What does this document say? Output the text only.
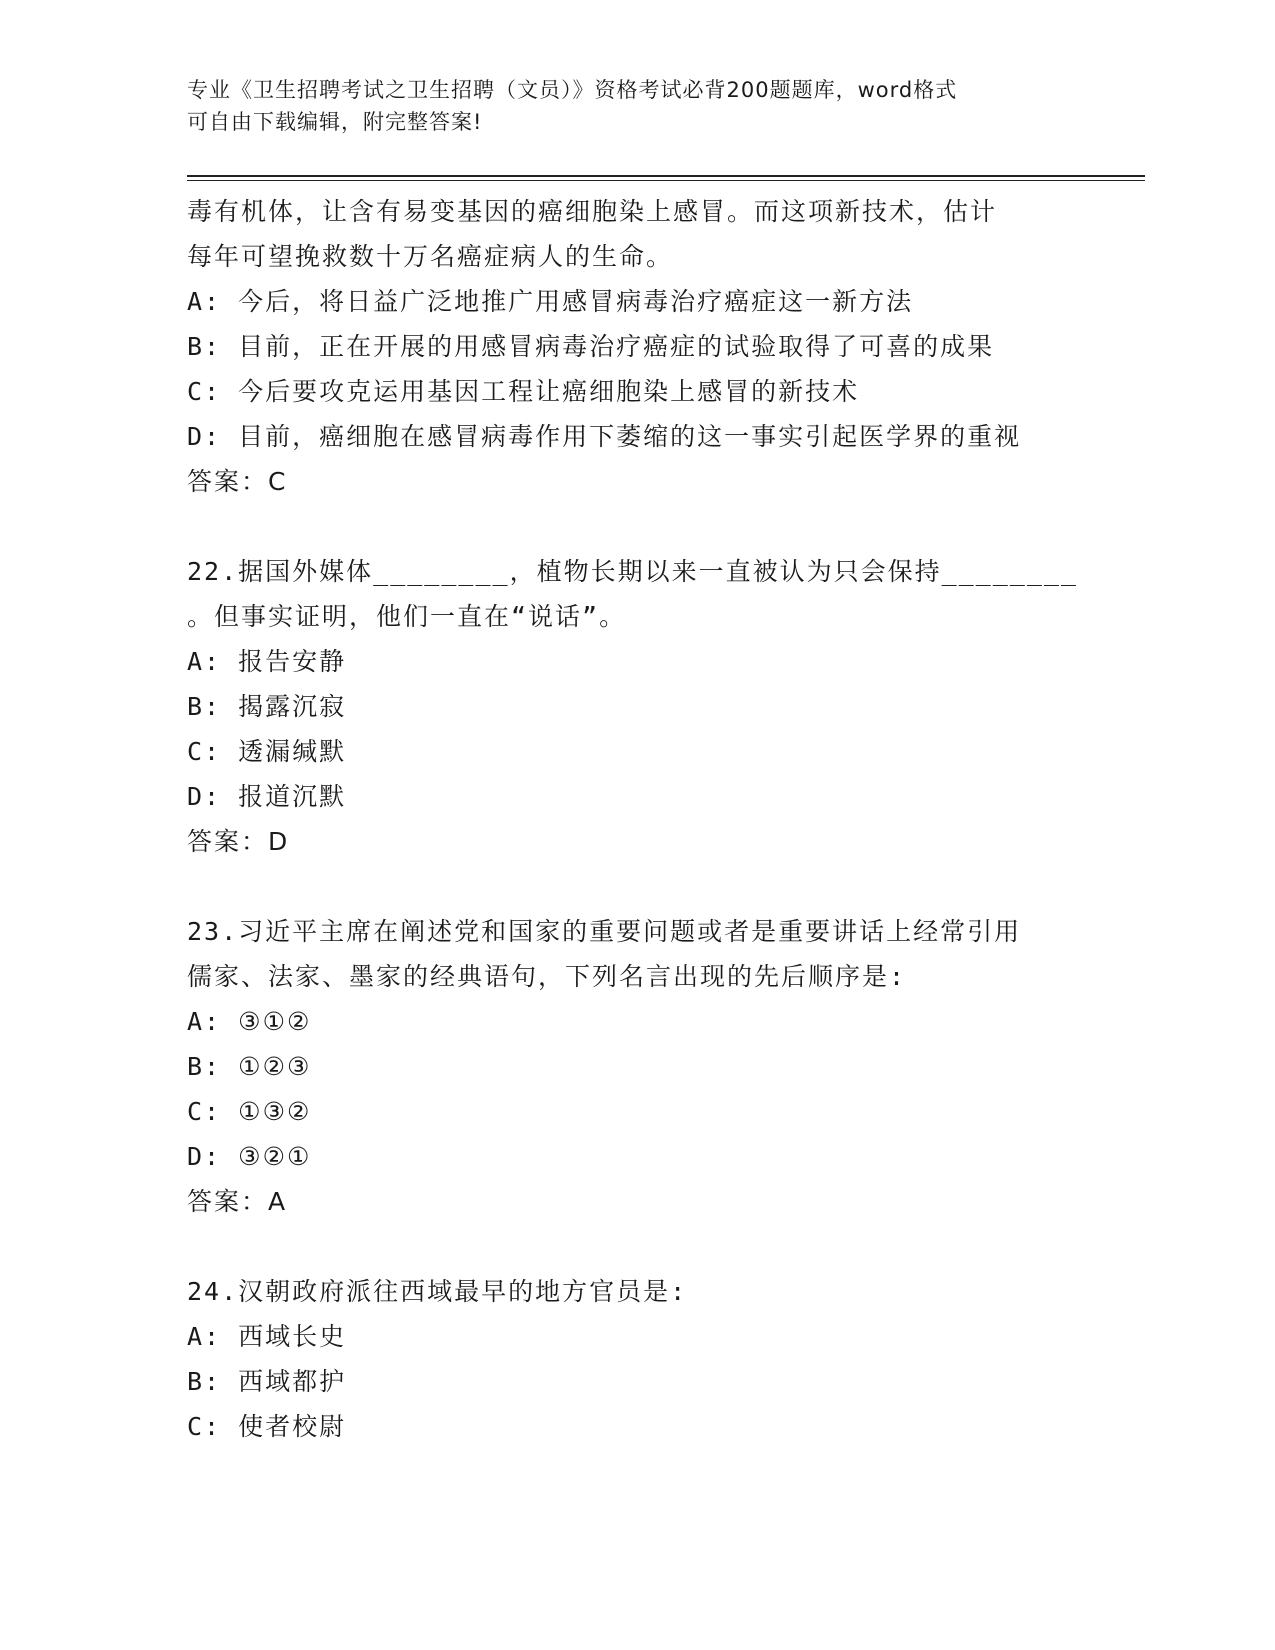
专业《卫生招聘考试之卫生招聘（文员）》资格考试必背200题题库，word格式
可自由下载编辑，附完整答案!
毒有机体，让含有易变基因的癌细胞染上感冒。而这项新技术，估计
每年可望挽救数十万名癌症病人的生命。
A: 今后，将日益广泛地推广用感冒病毒治疗癌症这一新方法
B: 目前，正在开展的用感冒病毒治疗癌症的试验取得了可喜的成果
C: 今后要攻克运用基因工程让癌细胞染上感冒的新技术
D: 目前，癌细胞在感冒病毒作用下萎缩的这一事实引起医学界的重视
答案：C
22.据国外媒体________，植物长期以来一直被认为只会保持________
。但事实证明，他们一直在“说话”。
A: 报告安静
B: 揭露沉寂
C: 透漏缄默
D: 报道沉默
答案：D
23.习近平主席在阐述党和国家的重要问题或者是重要讲话上经常引用
儒家、法家、墨家的经典语句，下列名言出现的先后顺序是:
A: ③①②
B: ①②③
C: ①③②
D: ③②①
答案：A
24.汉朝政府派往西域最早的地方官员是:
A: 西域长史
B: 西域都护
C: 使者校尉
